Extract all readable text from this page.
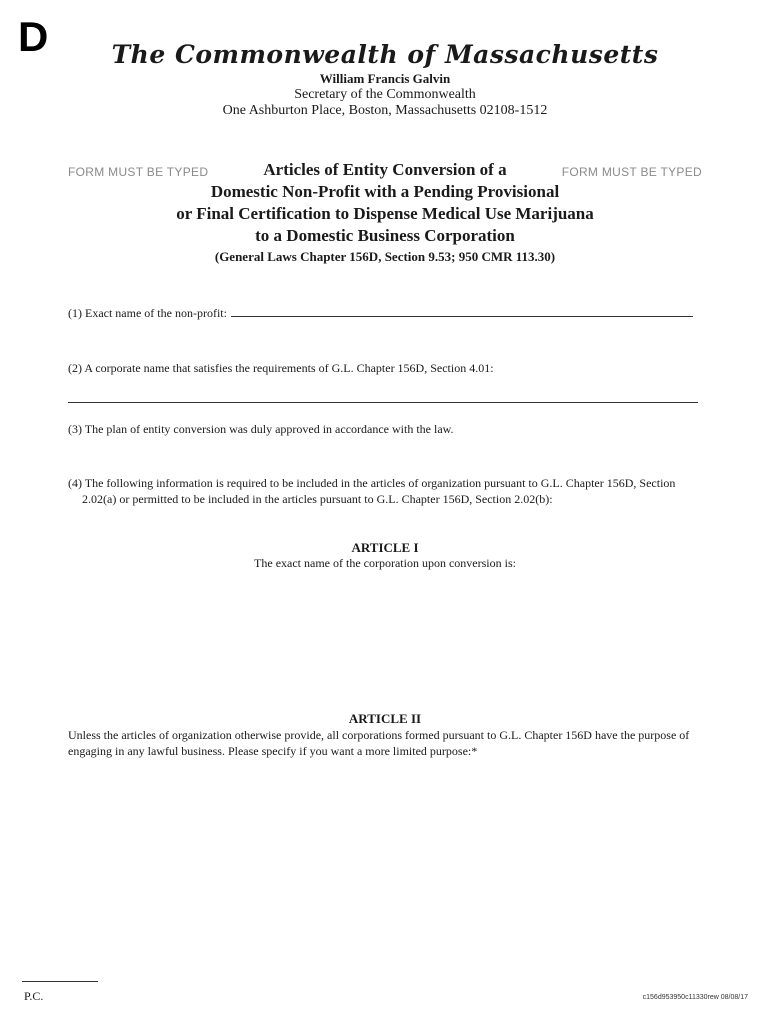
D	The Commonwealth of Massachusetts
William Francis Galvin
Secretary of the Commonwealth
One Ashburton Place, Boston, Massachusetts 02108-1512
FORM MUST BE TYPED	FORM MUST BE TYPED
Articles of Entity Conversion of a
Domestic Non-Profit with a Pending Provisional
or Final Certification to Dispense Medical Use Marijuana
to a Domestic Business Corporation
(General Laws Chapter 156D, Section 9.53; 950 CMR 113.30)
(1) Exact name of the non-profit:
(2) A corporate name that satisfies the requirements of G.L. Chapter 156D, Section 4.01:
(3) The plan of entity conversion was duly approved in accordance with the law.
(4) The following information is required to be included in the articles of organization pursuant to G.L. Chapter 156D, Section
2.02(a) or permitted to be included in the articles pursuant to G.L. Chapter 156D, Section 2.02(b):
ARTICLE I
The exact name of the corporation upon conversion is:
ARTICLE II
Unless the articles of organization otherwise provide, all corporations formed pursuant to G.L. Chapter 156D have the purpose of engaging in any lawful business. Please specify if you want a more limited purpose:*
P.C.	c156d953950c11330rew 08/08/17
